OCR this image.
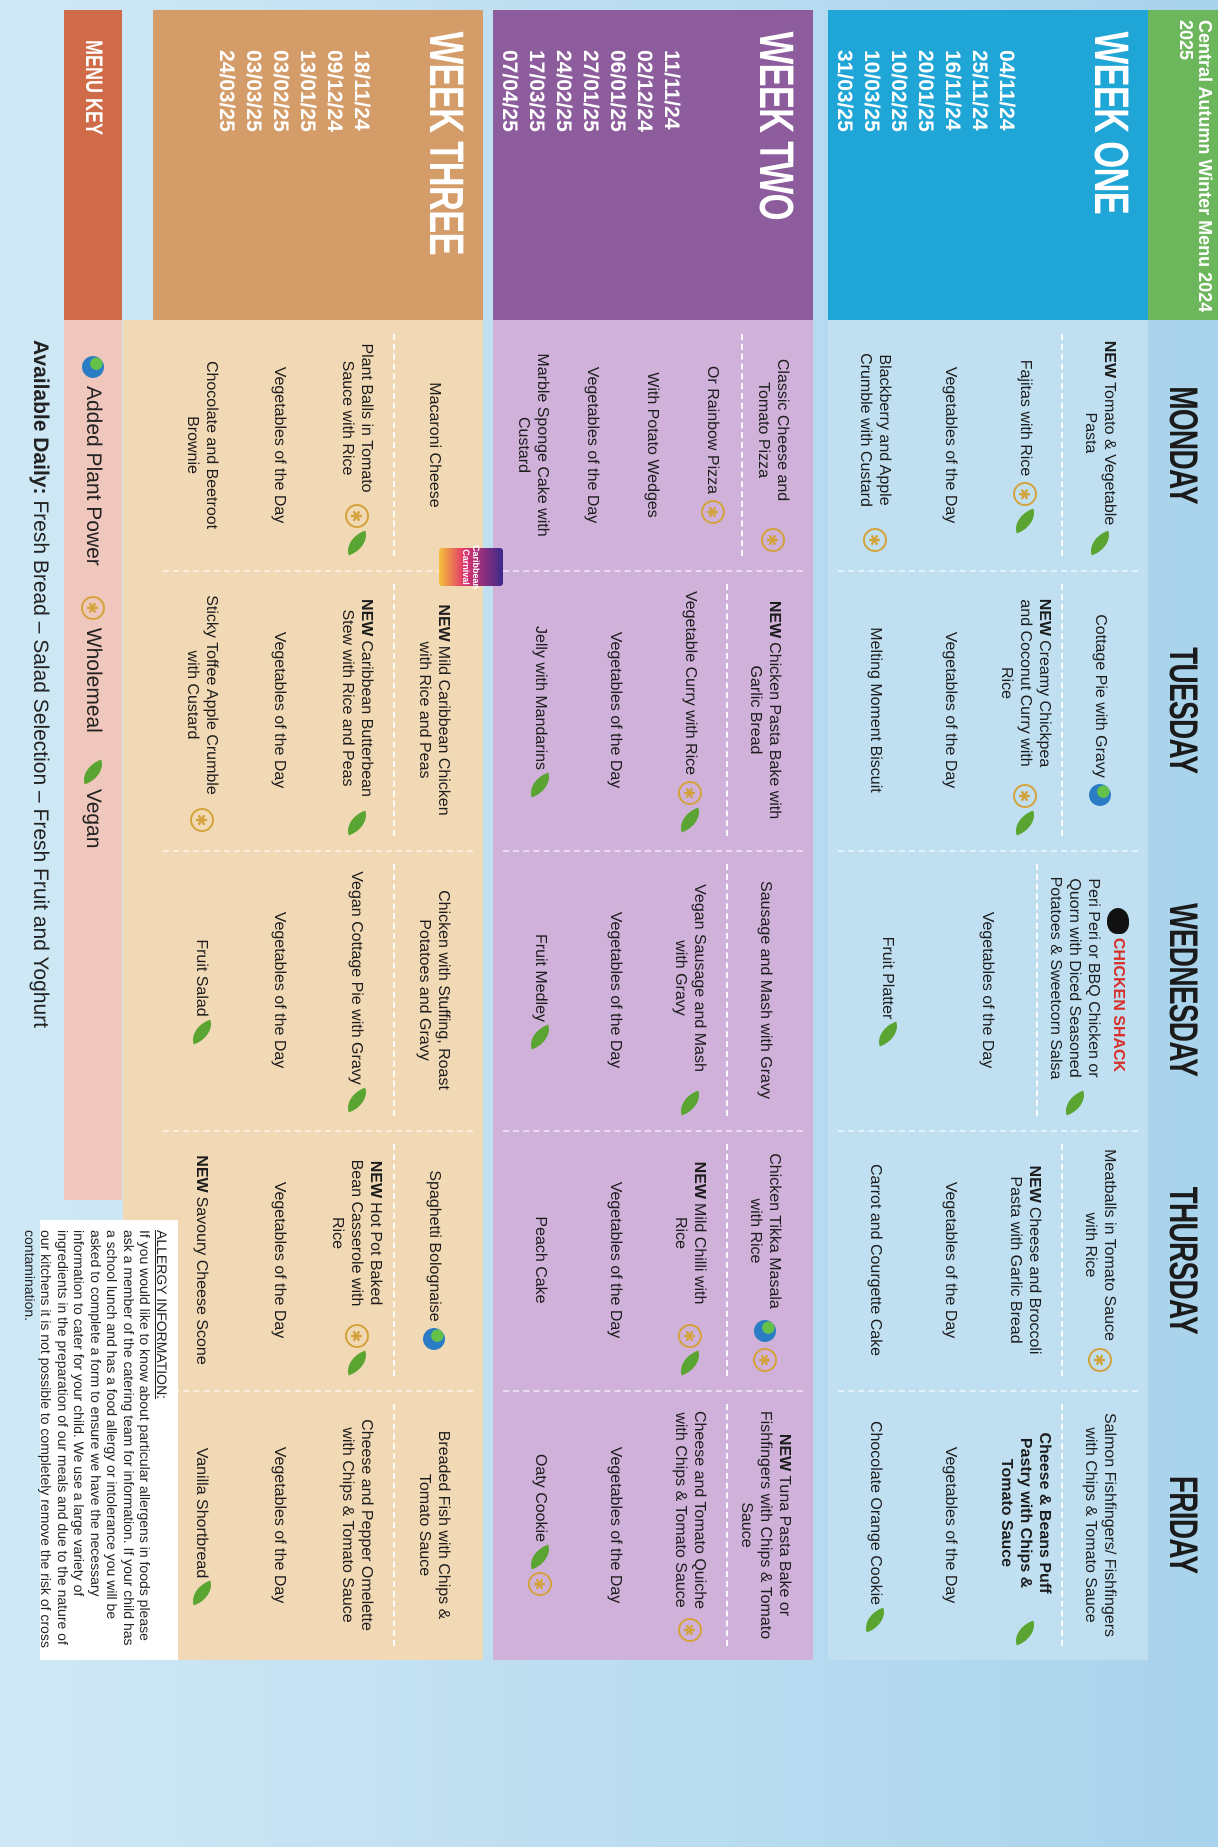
Central Autumn Winter Menu 2024 2025
MONDAY
TUESDAY
WEDNESDAY
THURSDAY
FRIDAY
WEEK ONE
04/11/24
25/11/24
16/11/24
20/01/25
10/02/25
10/03/25
31/03/25
NEWTomato & Vegetable Pasta
Fajitas with Rice
✱
Vegetables of the Day
Blackberry and Apple Crumble with Custard
✱
Cottage Pie with Gravy
NEWCreamy Chickpea and Coconut Curry with Rice
✱
Vegetables of the Day
Melting Moment Biscuit
CHICKEN SHACK
Peri Peri or BBQ Chicken or Quorn with Diced Seasoned Potatoes & Sweetcorn Salsa
Vegetables of the Day
Fruit Platter
Meatballs in Tomato Sauce with Rice
✱
NEWCheese and Broccoli Pasta with Garlic Bread
Vegetables of the Day
Carrot and Courgette Cake
Salmon Fishfingers/ Fishfingers with Chips & Tomato Sauce
Cheese & Beans Puff Pastry with Chips & Tomato Sauce
Vegetables of the Day
Chocolate Orange Cookie
WEEK TWO
11/11/24
02/12/24
06/01/25
27/01/25
24/02/25
17/03/25
07/04/25
Classic Cheese and Tomato Pizza
✱
Or Rainbow Pizza
✱
With Potato Wedges
Vegetables of the Day
Marble Sponge Cake with Custard
NEWChicken Pasta Bake with Garlic Bread
Vegetable Curry with Rice
✱
Vegetables of the Day
Jelly with Mandarins
Sausage and Mash with Gravy
Vegan Sausage and Mash with Gravy
Vegetables of the Day
Fruit Medley
Chicken Tikka Masala with Rice
✱
NEWMild Chilli with Rice
✱
Vegetables of the Day
Peach Cake
NEWTuna Pasta Bake or Fishfingers with Chips & Tomato Sauce
Cheese and Tomato Quiche with Chips & Tomato Sauce
✱
Vegetables of the Day
Oaty Cookie
✱
WEEK THREE
18/11/24
09/12/24
13/01/25
03/02/25
03/03/25
24/03/25
Macaroni Cheese
Plant Balls in Tomato Sauce with Rice
✱
Vegetables of the Day
Chocolate and Beetroot Brownie
Caribbean Carnival
NEWMild Caribbean Chicken with Rice and Peas
NEWCaribbean Butterbean Stew with Rice and Peas
Vegetables of the Day
Sticky Toffee Apple Crumble with Custard
✱
Chicken with Stuffing, Roast Potatoes and Gravy
Vegan Cottage Pie with Gravy
Vegetables of the Day
Fruit Salad
Spaghetti Bolognaise
NEWHot Pot Baked Bean Casserole with Rice
✱
Vegetables of the Day
NEWSavoury Cheese Scone
Breaded Fish with Chips & Tomato Sauce
Cheese and Pepper Omelette with Chips & Tomato Sauce
Vegetables of the Day
Vanilla Shortbread
MENU KEY
Added Plant Power
✱
Wholemeal
Vegan
Available Daily: Fresh Bread – Salad Selection – Fresh Fruit and Yoghurt
ALLERGY INFORMATION:
If you would like to know about particular allergens in foods please ask a member of the catering team for information. If your child has a school lunch and has a food allergy or intolerance you will be asked to complete a form to ensure we have the necessary information to cater for your child. We use a large variety of ingredients in the preparation of our meals and due to the nature of our kitchens it is not possible to completely remove the risk of cross contamination.
